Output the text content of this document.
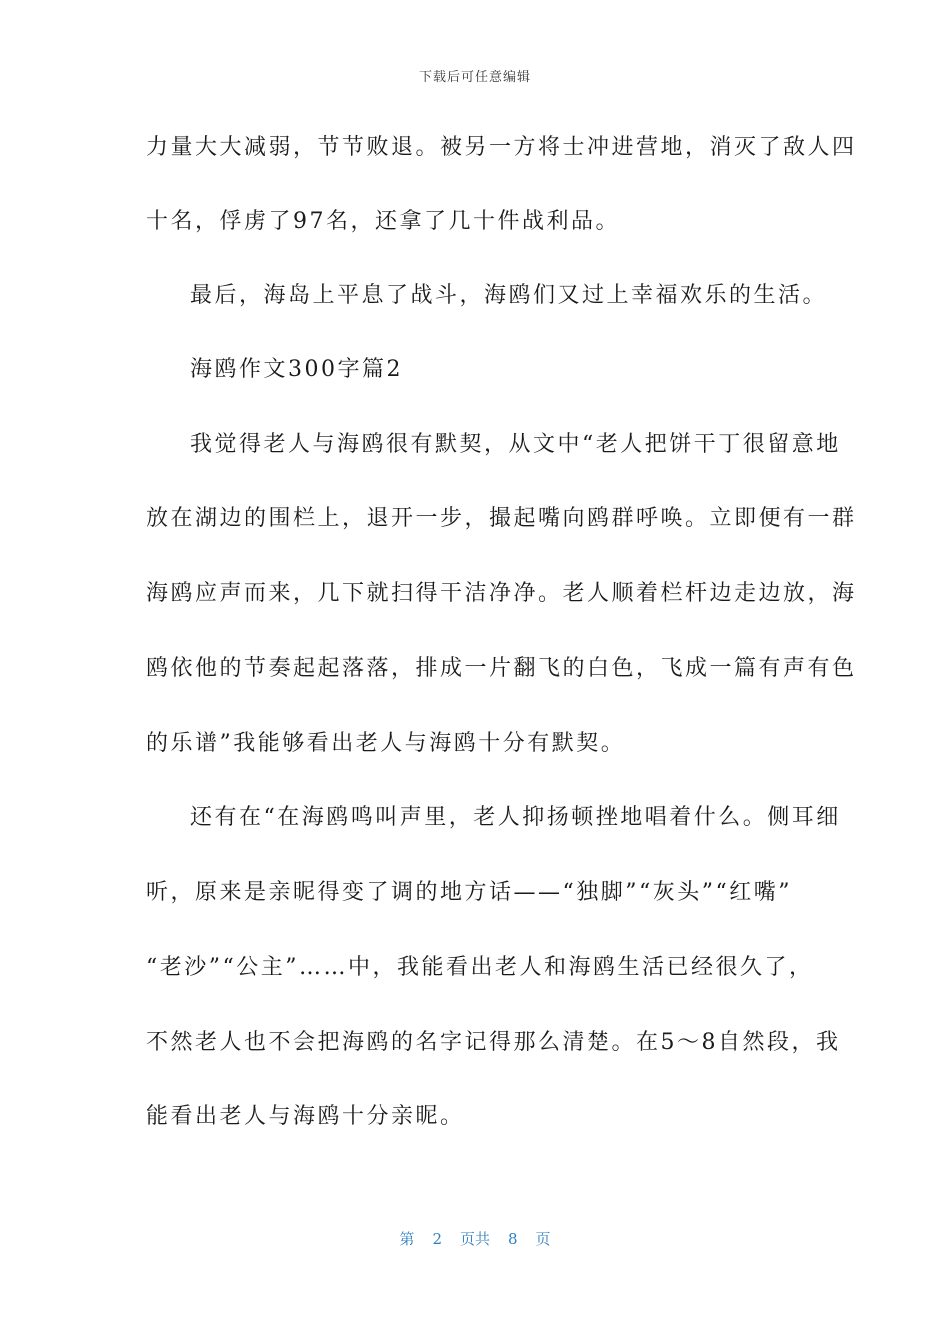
下载后可任意编辑
力量大大减弱，节节败退。被另一方将士冲进营地，消灭了敌人四
十名，俘虏了97名，还拿了几十件战利品。
最后，海岛上平息了战斗，海鸥们又过上幸福欢乐的生活。
海鸥作文300字篇2
我觉得老人与海鸥很有默契，从文中“老人把饼干丁很留意地
放在湖边的围栏上，退开一步，撮起嘴向鸥群呼唤。立即便有一群
海鸥应声而来，几下就扫得干洁净净。老人顺着栏杆边走边放，海
鸥依他的节奏起起落落，排成一片翻飞的白色，飞成一篇有声有色
的乐谱”我能够看出老人与海鸥十分有默契。
还有在“在海鸥鸣叫声里，老人抑扬顿挫地唱着什么。侧耳细
听，原来是亲昵得变了调的地方话——“独脚”“灰头”“红嘴”
“老沙”“公主”……中，我能看出老人和海鸥生活已经很久了，
不然老人也不会把海鸥的名字记得那么清楚。在5～8自然段，我
能看出老人与海鸥十分亲昵。
第 2 页共 8 页
